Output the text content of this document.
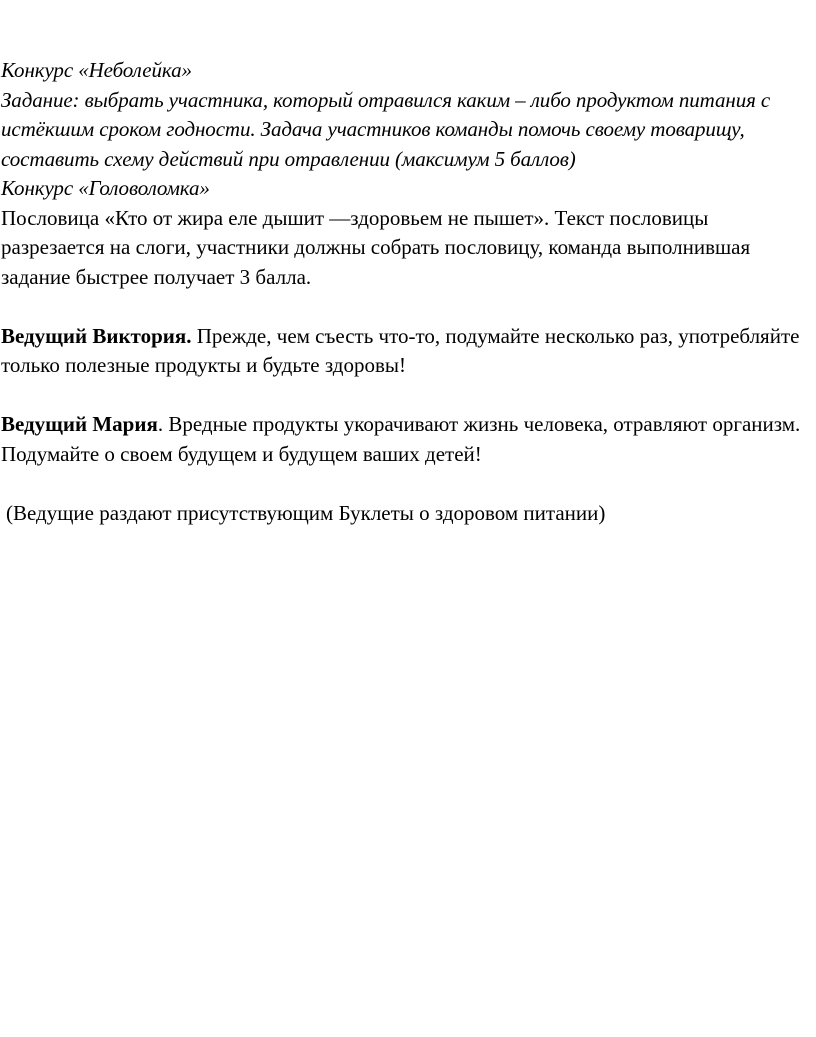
Конкурс «Неболейка»

Задание: выбрать участника, который отравился каким – либо продуктом питания с истёкшим сроком годности. Задача участников команды помочь своему товарищу, составить схему действий при отравлении (максимум 5 баллов)

Конкурс «Головоломка»

Пословица «Кто от жира еле дышит —здоровьем не пышет». Текст пословицы разрезается на слоги, участники должны собрать пословицу, команда выполнившая задание быстрее получает 3 балла.

Ведущий Виктория. Прежде, чем съесть что-то, подумайте несколько раз, употребляйте только полезные продукты и будьте здоровы!

Ведущий Мария. Вредные продукты укорачивают жизнь человека, отравляют организм.

Подумайте о своем будущем и будущем ваших детей!

(Ведущие раздают присутствующим Буклеты о здоровом питании)
